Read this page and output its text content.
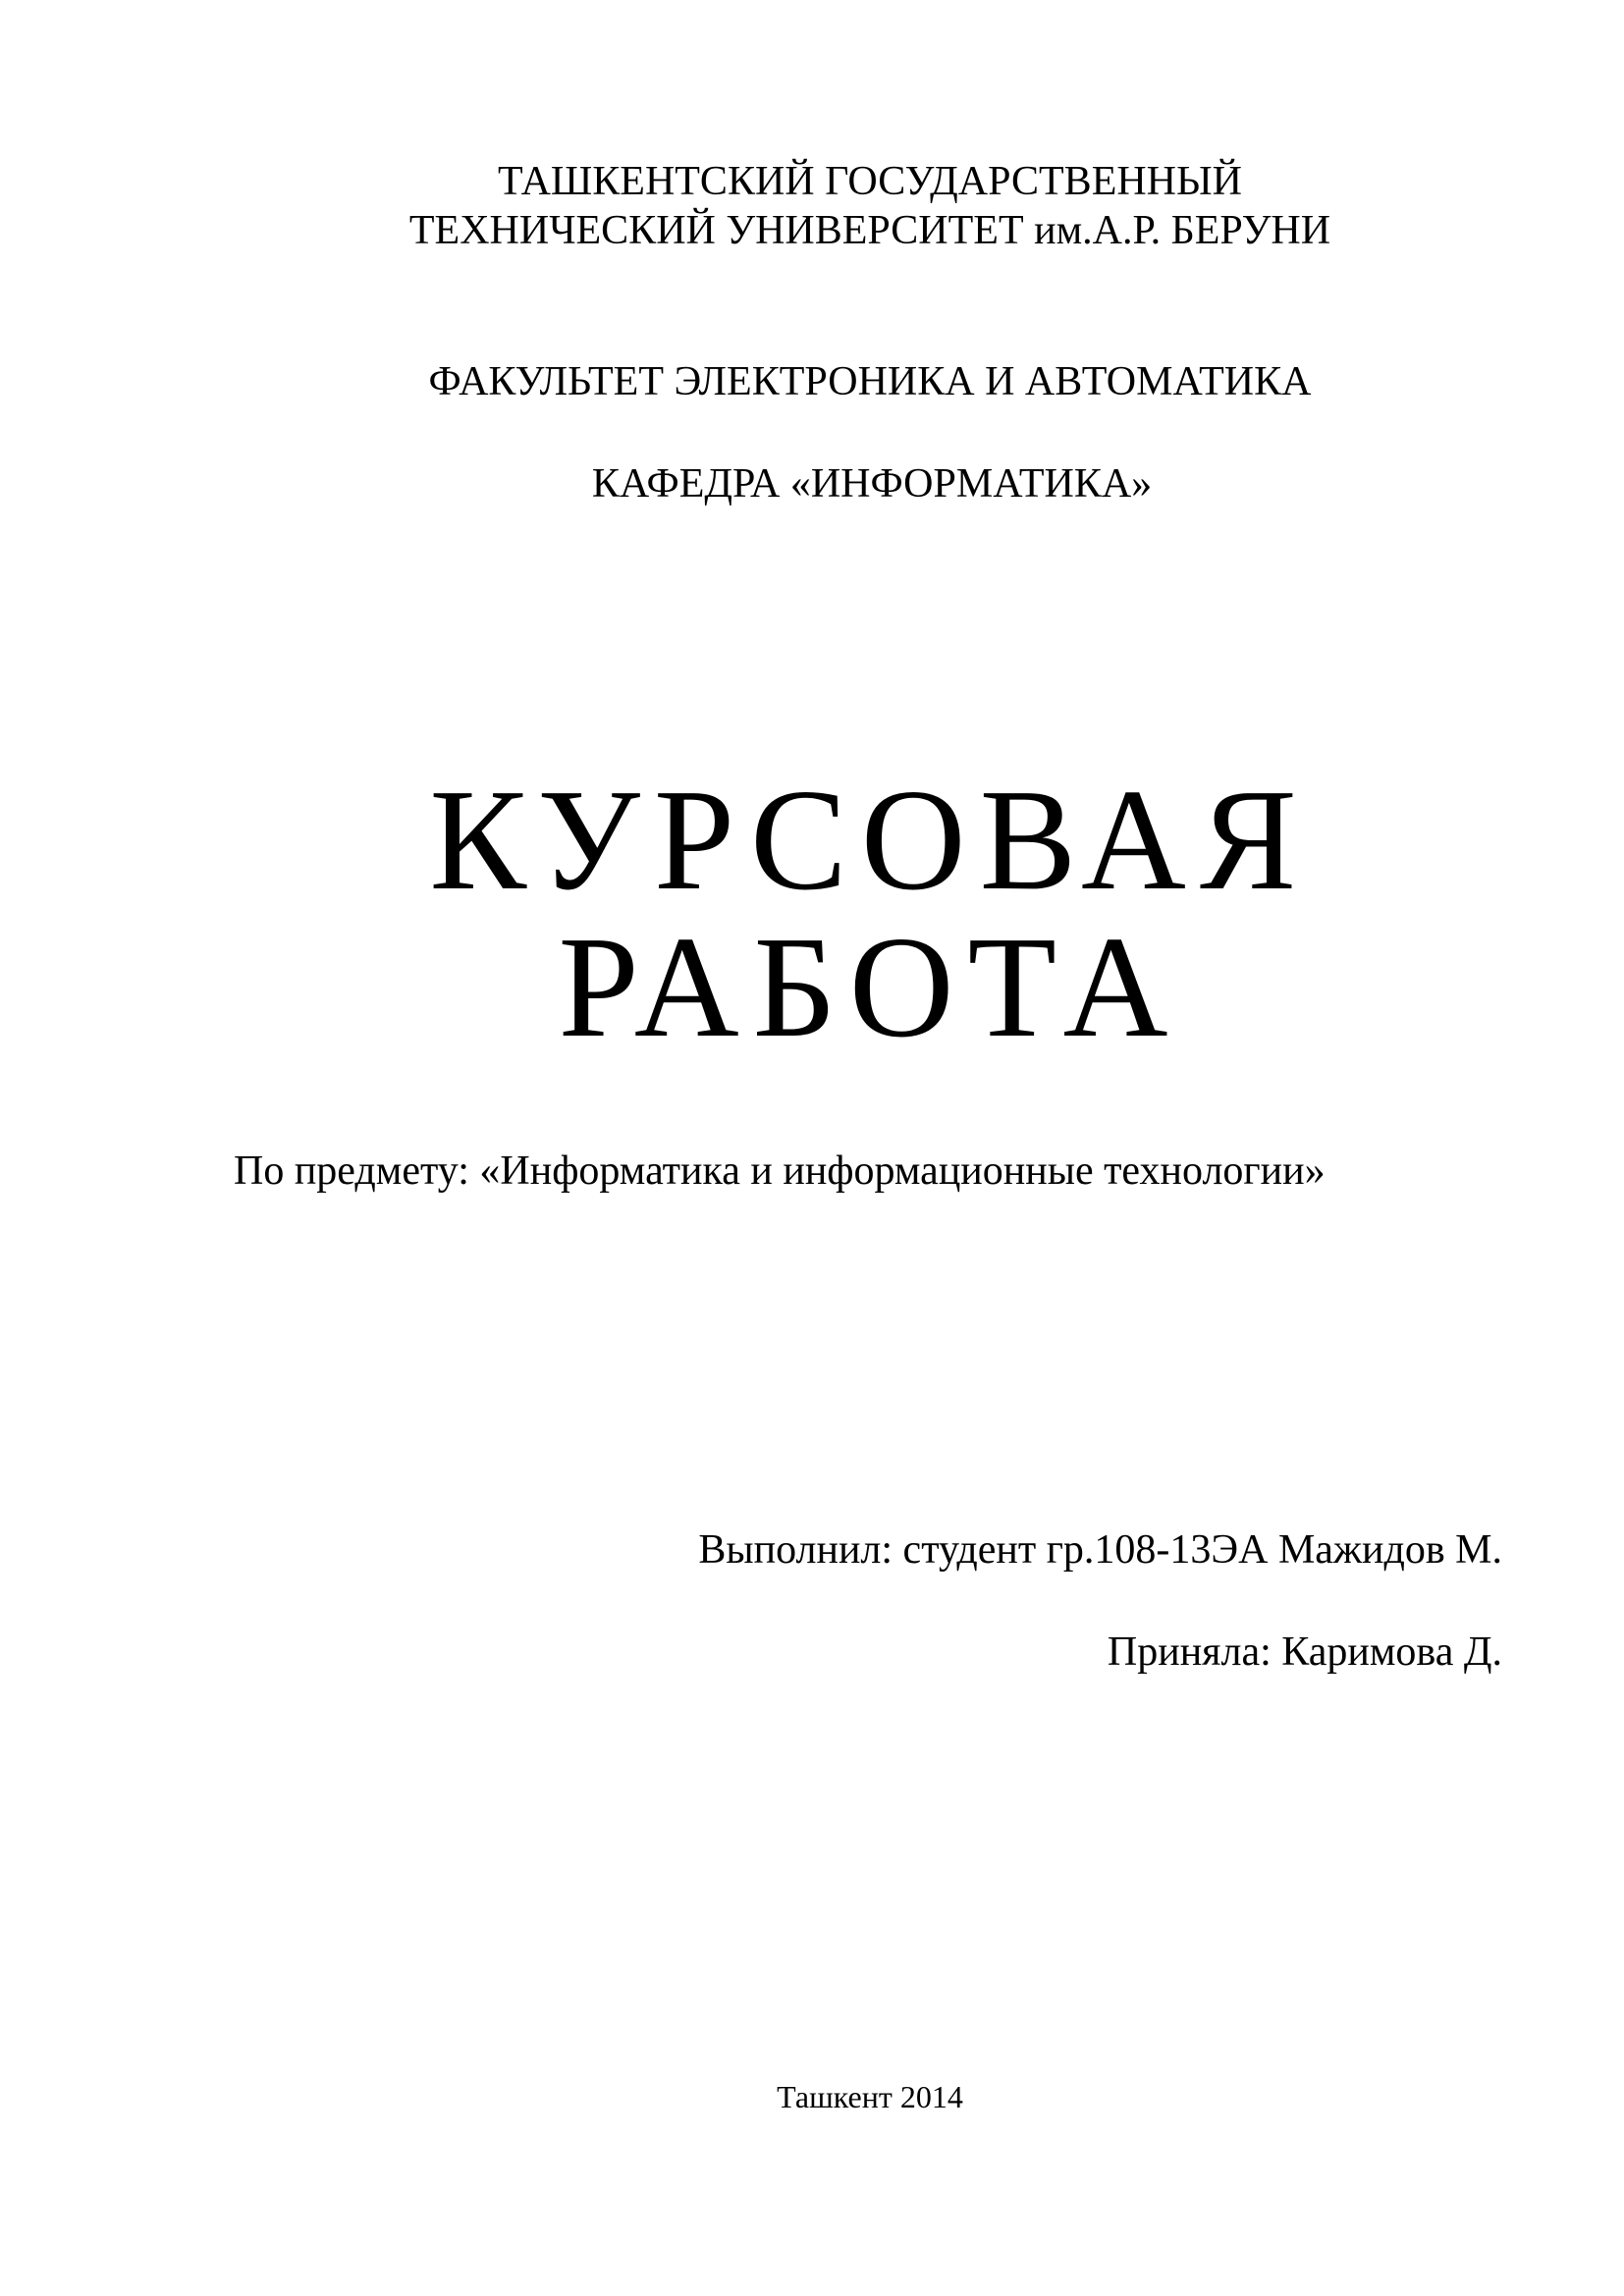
ТАШКЕНТСКИЙ ГОСУДАРСТВЕННЫЙ
ТЕХНИЧЕСКИЙ УНИВЕРСИТЕТ им.А.Р. БЕРУНИ
ФАКУЛЬТЕТ ЭЛЕКТРОНИКА И АВТОМАТИКА
КАФЕДРА «ИНФОРМАТИКА»
КУРСОВАЯ
РАБОТА
По предмету: «Информатика и информационные технологии»
Выполнил: студент гр.108-13ЭА Мажидов М.
Приняла: Каримова Д.
Ташкент 2014
